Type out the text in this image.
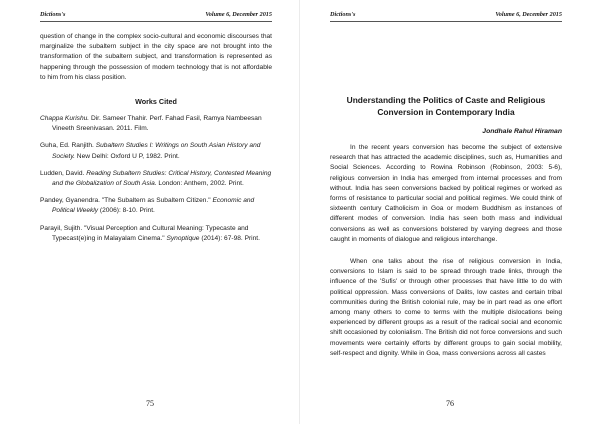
Dictions's	Volume 6, December 2015
question of change in the complex socio-cultural and economic discourses that marginalize the subaltern subject in the city space are not brought into the transformation of the subaltern subject, and transformation is represented as happening through the possession of modern technology that is not affordable to him from his class position.
Works Cited
Chappa Kurishu. Dir. Sameer Thahir. Perf. Fahad Fasil, Ramya Nambeesan Vineeth Sreenivasan. 2011. Film.
Guha, Ed. Ranjith. Subaltern Studies I: Writings on South Asian History and Society. New Delhi: Oxford U P, 1982. Print.
Ludden, David. Reading Subaltern Studies: Critical History, Contested Meaning and the Globalization of South Asia. London: Anthem, 2002. Print.
Pandey, Gyanendra. "The Subaltern as Subaltern Citizen." Economic and Political Weekly (2006): 8-10. Print.
Parayil, Sujith. "Visual Perception and Cultural Meaning: Typecaste and Typecast(e)ing in Malayalam Cinema." Synoptique (2014): 67-98. Print.
75
Dictions's	Volume 6, December 2015
Understanding the Politics of Caste and Religious Conversion in Contemporary India
Jondhale Rahul Hiraman
In the recent years conversion has become the subject of extensive research that has attracted the academic disciplines, such as, Humanities and Social Sciences. According to Rowina Robinson (Robinson, 2003: 5-6), religious conversion in India has emerged from internal processes and from without. India has seen conversions backed by political regimes or worked as forms of resistance to particular social and political regimes. We could think of sixteenth century Catholicism in Goa or modern Buddhism as instances of different modes of conversion. India has seen both mass and individual conversions as well as conversions bolstered by varying degrees and those caught in moments of dialogue and religious interchange.
When one talks about the rise of religious conversion in India, conversions to Islam is said to be spread through trade links, through the influence of the 'Sufis' or through other processes that have little to do with political oppression. Mass conversions of Dalits, low castes and certain tribal communities during the British colonial rule, may be in part read as one effort among many others to come to terms with the multiple dislocations being experienced by different groups as a result of the radical social and economic shift occasioned by colonialism. The British did not force conversions and such movements were certainly efforts by different groups to gain social mobility, self-respect and dignity. While in Goa, mass conversions across all castes
76
